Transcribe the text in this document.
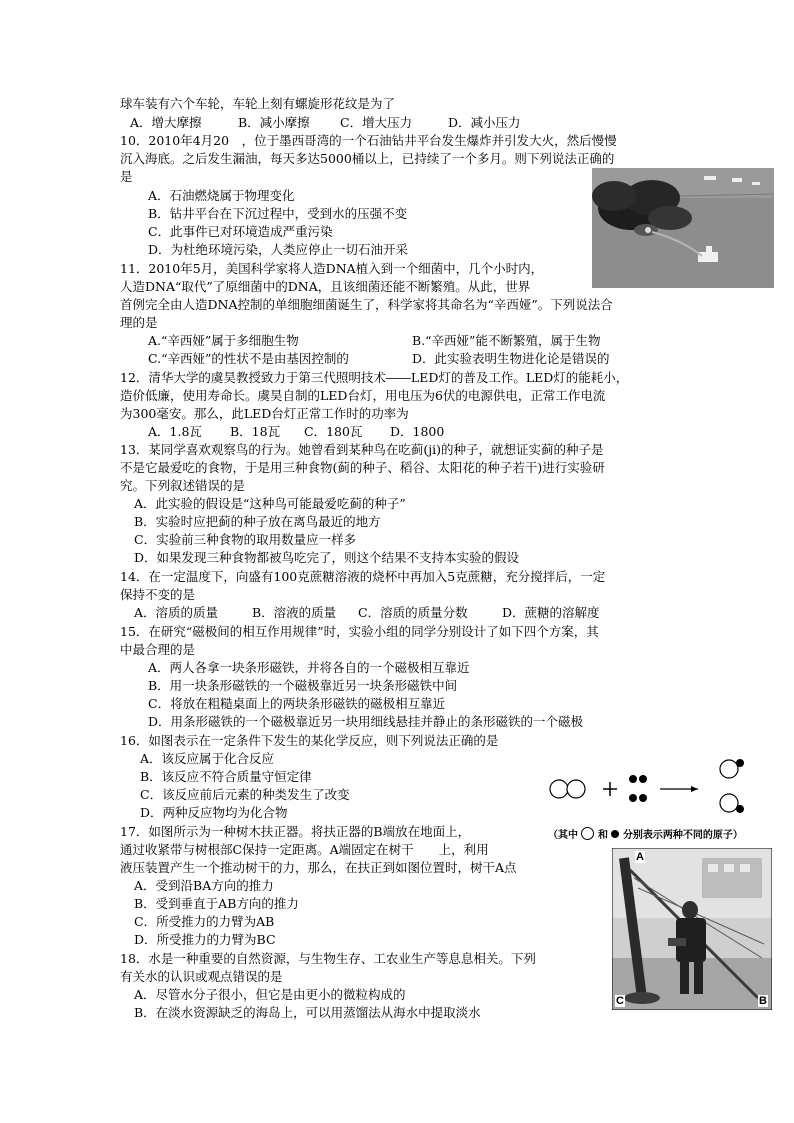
球车装有六个车轮，车轮上刻有螺旋形花纹是为了
A．增大摩擦	B．减小摩擦 C．增大压力	D．减小压力
10．2010年4月20　，位于墨西哥湾的一个石油钻井平台发生爆炸并引发大火，然后慢慢
沉入海底。之后发生漏油，每天多达5000桶以上，已持续了一个多月。则下列说法正确的
是
A．石油燃烧属于物理变化
B．钻井平台在下沉过程中，受到水的压强不变
C．此事件已对环境造成严重污染
D．为杜绝环境污染，人类应停止一切石油开采
11．2010年5月，美国科学家将人造DNA植入到一个细菌中，几个小时内，
人造DNA“取代”了原细菌中的DNA，且该细菌还能不断繁殖。从此，世界
首例完全由人造DNA控制的单细胞细菌诞生了，科学家将其命名为“辛西娅”。下列说法合
理的是
A.“辛西娅”属于多细胞生物	B.“辛西娅”能不断繁殖，属于生物
C.“辛西娅”的性状不是由基因控制的	D．此实验表明生物进化论是错误的
12．清华大学的虞昊教授致力于第三代照明技术――LED灯的普及工作。LED灯的能耗小，
造价低廉，使用寿命长。虞昊自制的LED台灯，用电压为6伏的电源供电，正常工作电流
为300毫安。那么，此LED台灯正常工作时的功率为
A．1.8瓦 B．18瓦 C．180瓦 D．1800
13．某同学喜欢观察鸟的行为。她曾看到某种鸟在吃蓟(ji)的种子，就想证实蓟的种子是
不是它最爱吃的食物，于是用三种食物(蓟的种子、稻谷、太阳花的种子若干)进行实验研
究。下列叙述错误的是
A．此实验的假设是“这种鸟可能最爱吃蓟的种子”
B．实验时应把蓟的种子放在离鸟最近的地方
C．实验前三种食物的取用数量应一样多
D．如果发现三种食物都被鸟吃完了，则这个结果不支持本实验的假设
14．在一定温度下，向盛有100克蔗糖溶液的烧杯中再加入5克蔗糖，充分搅拌后，一定
保持不变的是
A．溶质的质量	B．溶液的质量 C．溶质的质量分数	D．蔗糖的溶解度
15．在研究“磁极间的相互作用规律”时，实验小组的同学分别设计了如下四个方案，其
中最合理的是
A．两人各拿一块条形磁铁，并将各自的一个磁极相互靠近
B．用一块条形磁铁的一个磁极靠近另一块条形磁铁中间
C．将放在粗糙桌面上的两块条形磁铁的磁极相互靠近
D．用条形磁铁的一个磁极靠近另一块用细线悬挂并静止的条形磁铁的一个磁极
16．如图表示在一定条件下发生的某化学反应，则下列说法正确的是
A．该反应属于化合反应
B．该反应不符合质量守恒定律
C．该反应前后元素的种类发生了改变
D．两种反应物均为化合物
（其中 和 分别表示两种不同的原子）
17．如图所示为一种树木扶正器。将扶正器的B端放在地面上，
通过收紧带与树根部C保持一定距离。A端固定在树干　　上，利用
液压装置产生一个推动树干的力，那么，在扶正到如图位置时，树干A点
A．受到沿BA方向的推力
B．受到垂直于AB方向的推力
C．所受推力的力臂为AB
D．所受推力的力臂为BC
A
B
C
18．水是一种重要的自然资源，与生物生存、工农业生产等息息相关。下列
有关水的认识或观点错误的是
A．尽管水分子很小，但它是由更小的微粒构成的
B．在淡水资源缺乏的海岛上，可以用蒸馏法从海水中提取淡水
